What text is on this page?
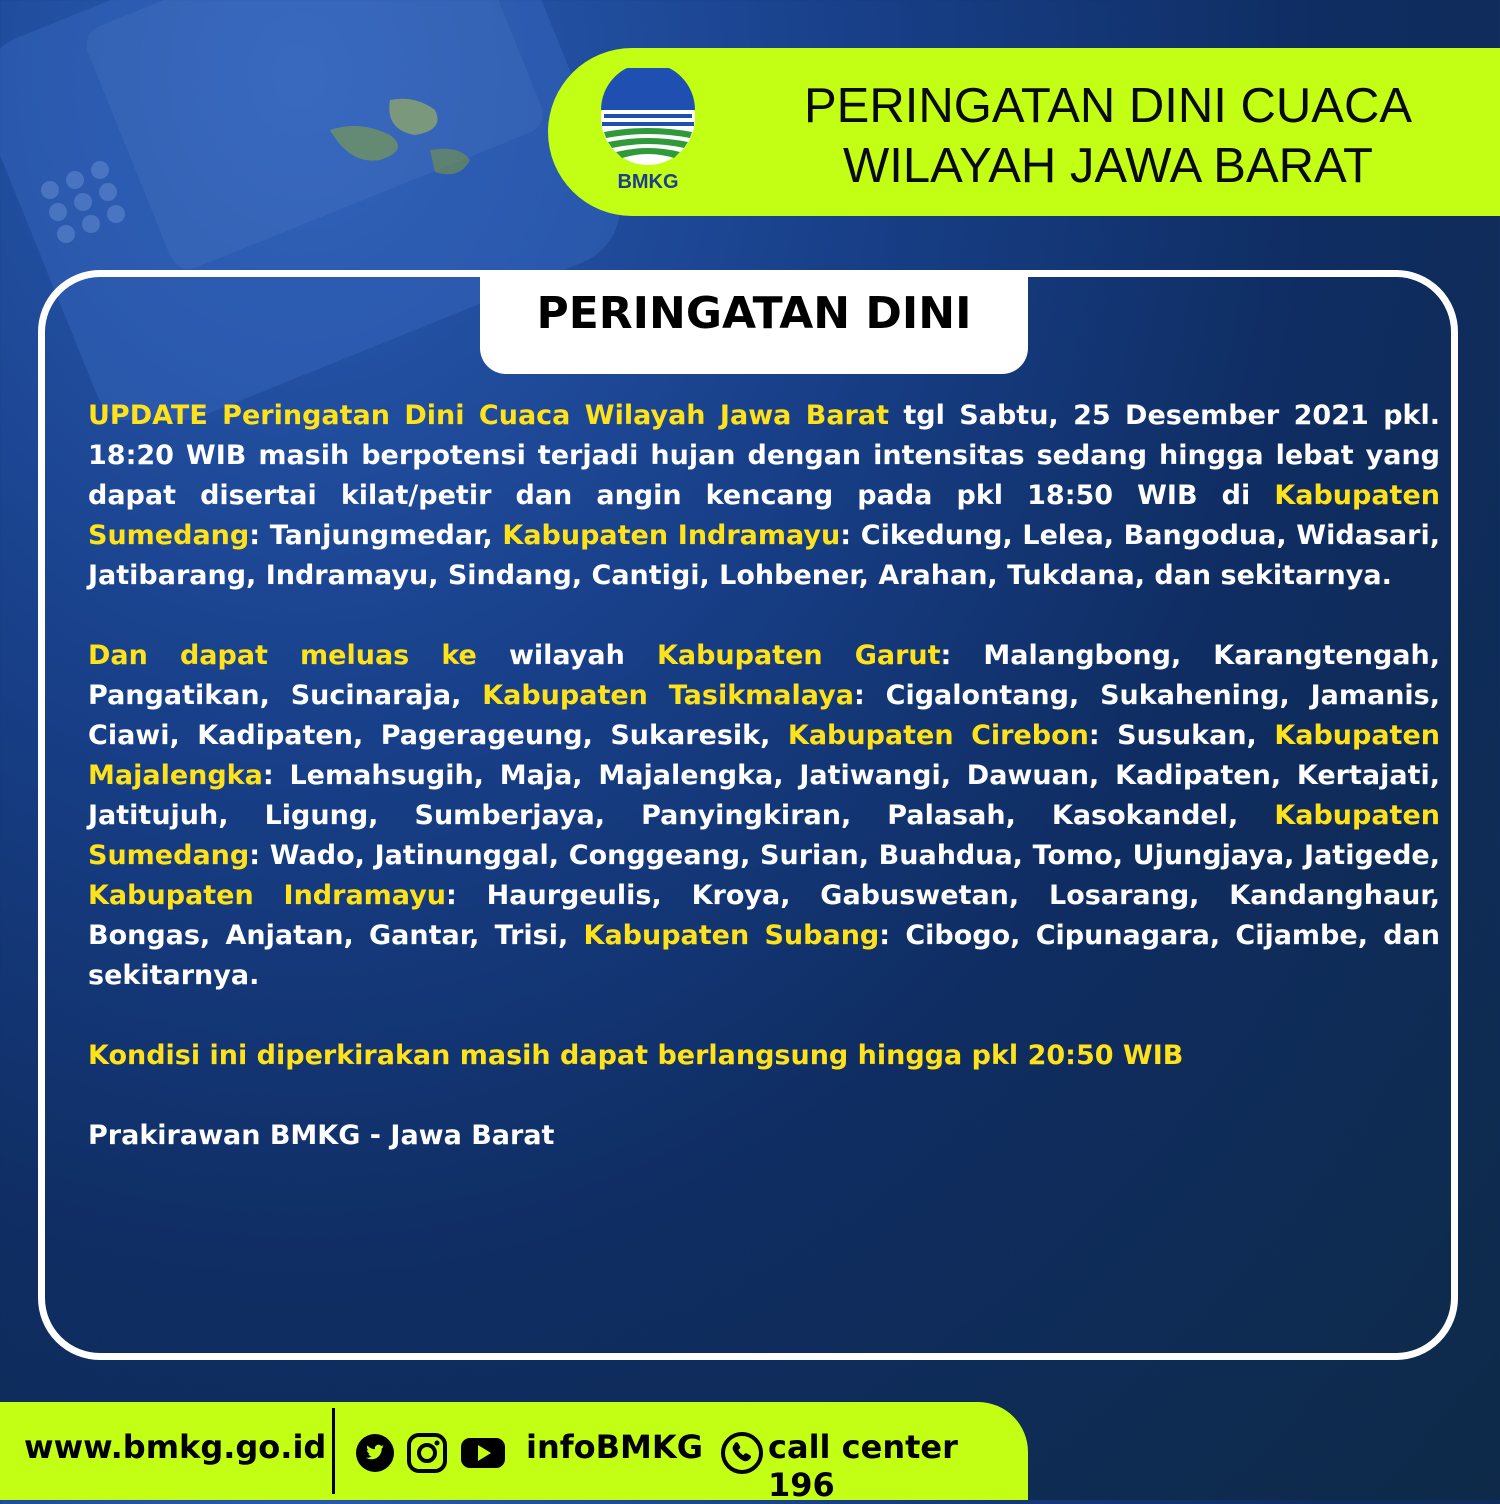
BMKG
PERINGATAN DINI CUACA
WILAYAH JAWA BARAT
PERINGATAN DINI

UPDATE Peringatan Dini Cuaca Wilayah Jawa Barat tgl Sabtu, 25 Desember 2021 pkl. 18:20 WIB masih berpotensi terjadi hujan dengan intensitas sedang hingga lebat yang dapat disertai kilat/petir dan angin kencang pada pkl 18:50 WIB di Kabupaten Sumedang: Tanjungmedar, Kabupaten Indramayu: Cikedung, Lelea, Bangodua, Widasari, Jatibarang, Indramayu, Sindang, Cantigi, Lohbener, Arahan, Tukdana, dan sekitarnya.

Dan dapat meluas ke wilayah Kabupaten Garut: Malangbong, Karangtengah, Pangatikan, Sucinaraja, Kabupaten Tasikmalaya: Cigalontang, Sukahening, Jamanis, Ciawi, Kadipaten, Pagerageung, Sukaresik, Kabupaten Cirebon: Susukan, Kabupaten Majalengka: Lemahsugih, Maja, Majalengka, Jatiwangi, Dawuan, Kadipaten, Kertajati, Jatitujuh, Ligung, Sumberjaya, Panyingkiran, Palasah, Kasokandel, Kabupaten Sumedang: Wado, Jatinunggal, Conggeang, Surian, Buahdua, Tomo, Ujungjaya, Jatigede, Kabupaten Indramayu: Haurgeulis, Kroya, Gabuswetan, Losarang, Kandanghaur, Bongas, Anjatan, Gantar, Trisi, Kabupaten Subang: Cibogo, Cipunagara, Cijambe, dan sekitarnya.

Kondisi ini diperkirakan masih dapat berlangsung hingga pkl 20:50 WIB

Prakirawan BMKG - Jawa Barat

www.bmkg.go.id	infoBMKG call center 196
